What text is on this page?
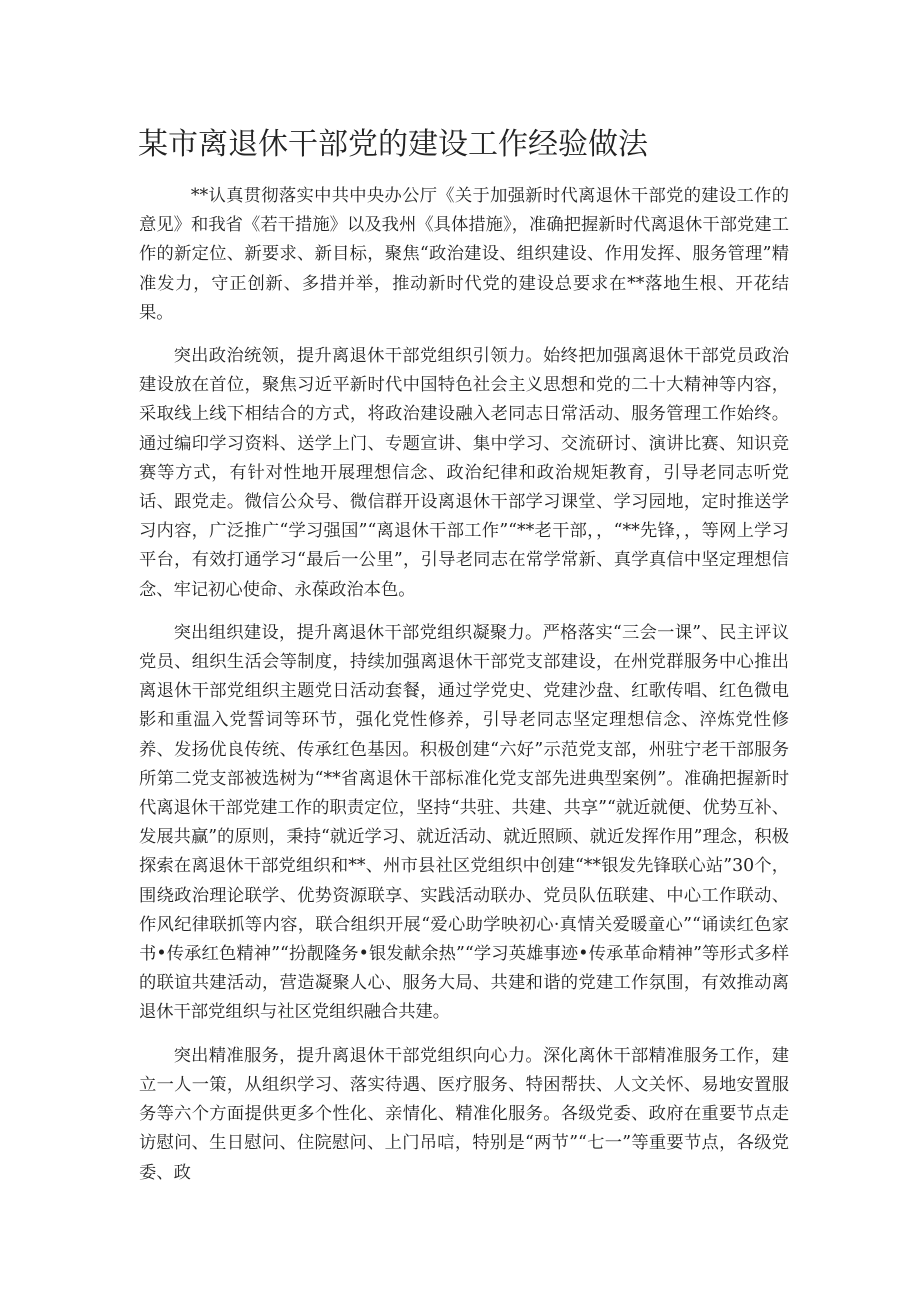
某市离退休干部党的建设工作经验做法

**认真贯彻落实中共中央办公厅《关于加强新时代离退休干部党的建设工作的意见》和我省《若干措施》以及我州《具体措施》，准确把握新时代离退休干部党建工作的新定位、新要求、新目标，聚焦“政治建设、组织建设、作用发挥、服务管理”精准发力，守正创新、多措并举，推动新时代党的建设总要求在**落地生根、开花结果。

突出政治统领，提升离退休干部党组织引领力。始终把加强离退休干部党员政治建设放在首位，聚焦习近平新时代中国特色社会主义思想和党的二十大精神等内容，采取线上线下相结合的方式，将政治建设融入老同志日常活动、服务管理工作始终。通过编印学习资料、送学上门、专题宣讲、集中学习、交流研讨、演讲比赛、知识竞赛等方式，有针对性地开展理想信念、政治纪律和政治规矩教育，引导老同志听党话、跟党走。微信公众号、微信群开设离退休干部学习课堂、学习园地，定时推送学习内容，广泛推广“学习强国”“离退休干部工作”“**老干部，，“**先锋，，等网上学习平台，有效打通学习“最后一公里”，引导老同志在常学常新、真学真信中坚定理想信念、牢记初心使命、永葆政治本色。

突出组织建设，提升离退休干部党组织凝聚力。严格落实“三会一课”、民主评议党员、组织生活会等制度，持续加强离退休干部党支部建设，在州党群服务中心推出离退休干部党组织主题党日活动套餐，通过学党史、党建沙盘、红歌传唱、红色微电影和重温入党誓词等环节，强化党性修养，引导老同志坚定理想信念、淬炼党性修养、发扬优良传统、传承红色基因。积极创建“六好”示范党支部，州驻宁老干部服务所第二党支部被选树为“**省离退休干部标准化党支部先进典型案例”。准确把握新时代离退休干部党建工作的职责定位，坚持“共驻、共建、共享”“就近就便、优势互补、发展共赢”的原则，秉持“就近学习、就近活动、就近照顾、就近发挥作用”理念，积极探索在离退休干部党组织和**、州市县社区党组织中创建“**银发先锋联心站”30个，围绕政治理论联学、优势资源联享、实践活动联办、党员队伍联建、中心工作联动、作风纪律联抓等内容，联合组织开展“爱心助学映初心·真情关爱暖童心”“诵读红色家书•传承红色精神”“扮靓隆务•银发献余热”“学习英雄事迹•传承革命精神”等形式多样的联谊共建活动，营造凝聚人心、服务大局、共建和谐的党建工作氛围，有效推动离退休干部党组织与社区党组织融合共建。

突出精准服务，提升离退休干部党组织向心力。深化离休干部精准服务工作，建立一人一策，从组织学习、落实待遇、医疗服务、特困帮扶、人文关怀、易地安置服务等六个方面提供更多个性化、亲情化、精准化服务。各级党委、政府在重要节点走访慰问、生日慰问、住院慰问、上门吊唁，特别是“两节”“七一”等重要节点，各级党委、政
